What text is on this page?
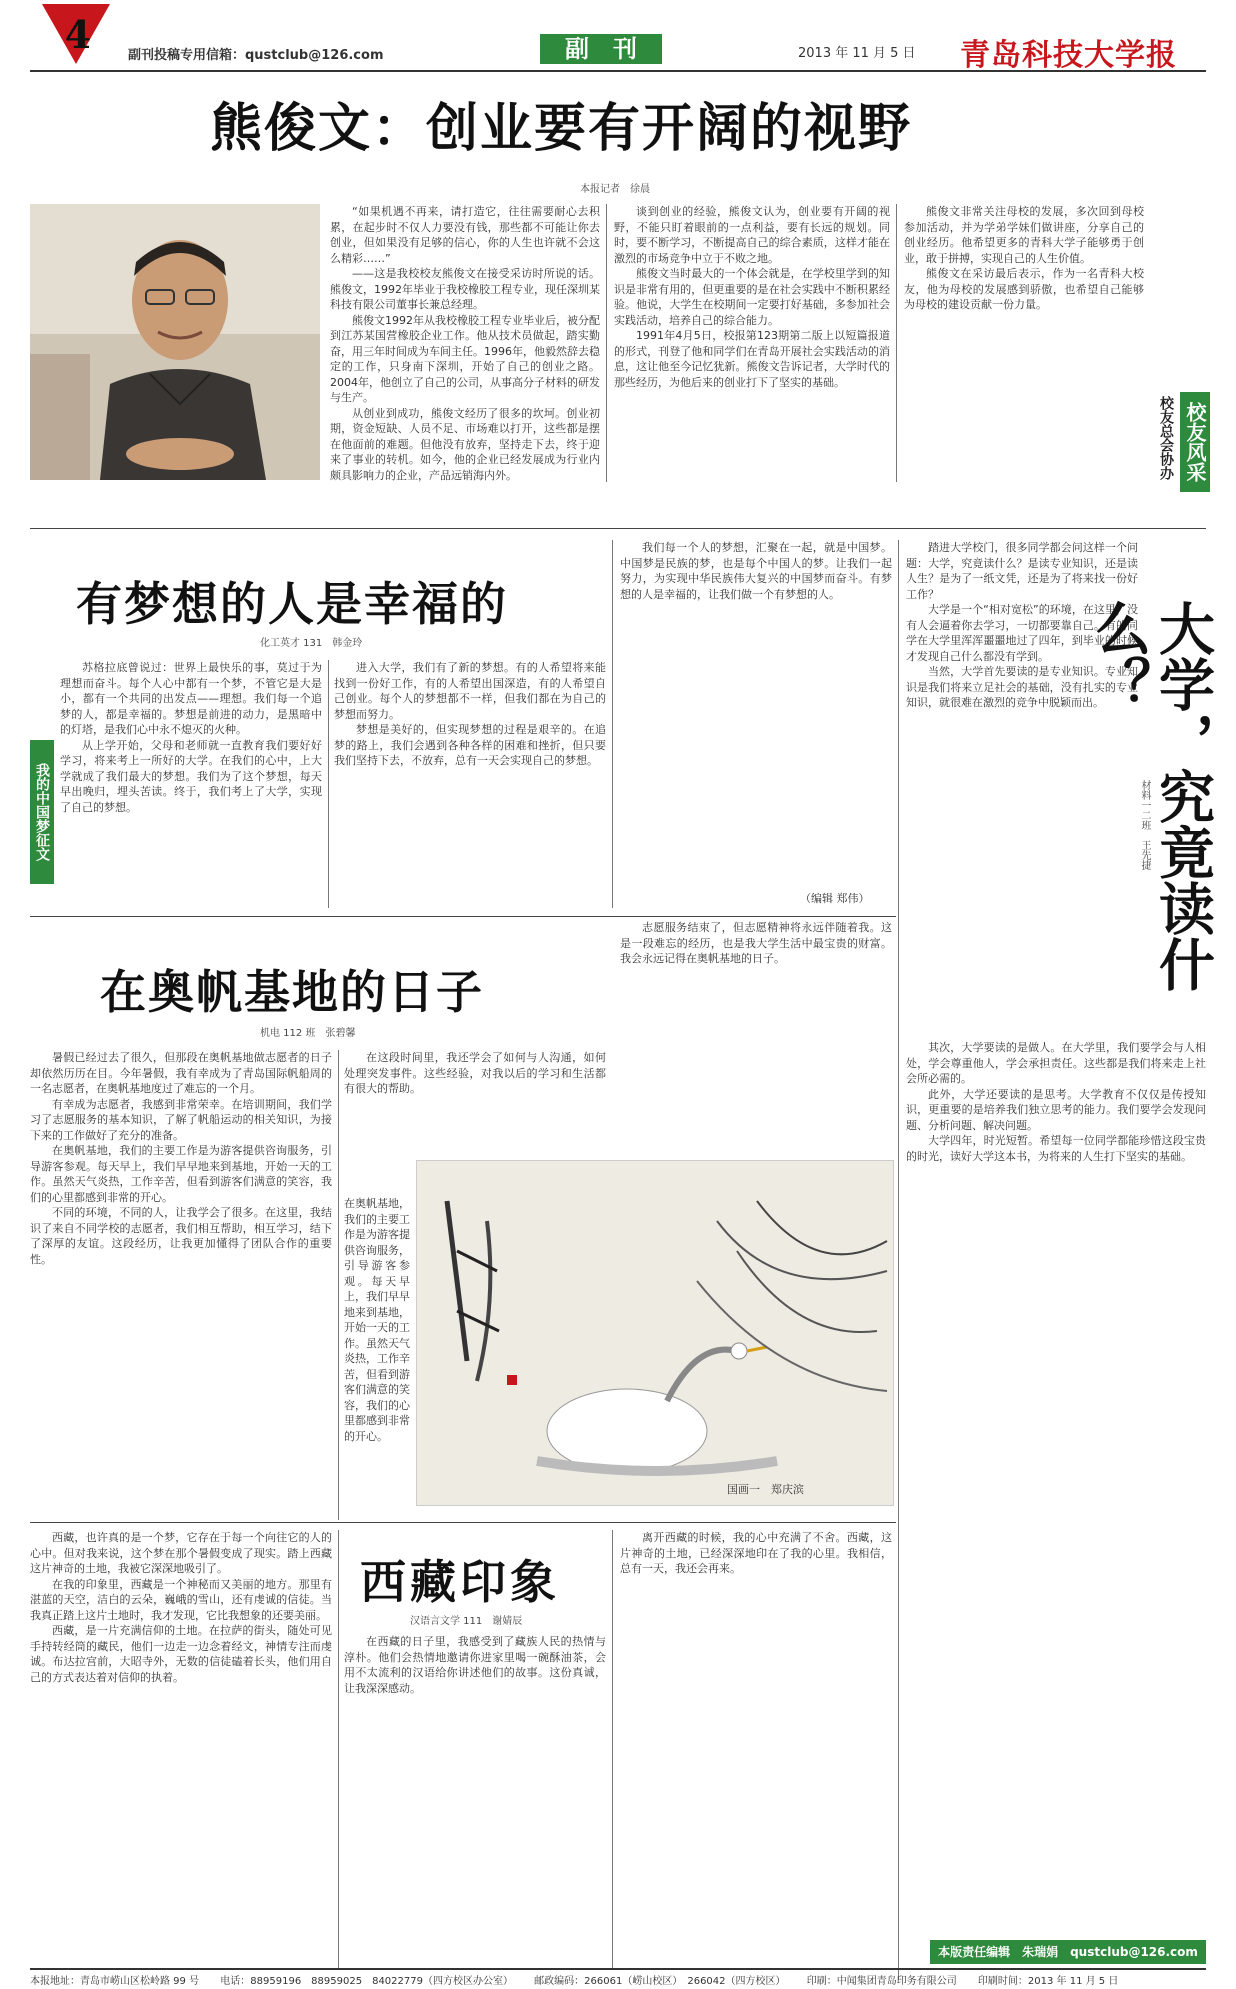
4	副刊投稿专用信箱：qustclub@126.com	副　刊	2013 年 11 月 5 日 青岛科技大学报
熊俊文：创业要有开阔的视野
本报记者　徐晨

“如果机遇不再来，请打造它，往往需要耐心去积累，在起步时不仅人力要没有钱，那些都不可能让你去创业，但如果没有足够的信心，你的人生也许就不会这么精彩……”

——这是我校校友熊俊文在接受采访时所说的话。熊俊文，1992年毕业于我校橡胶工程专业，现任深圳某科技有限公司董事长兼总经理。

熊俊文1992年从我校橡胶工程专业毕业后，被分配到江苏某国营橡胶企业工作。他从技术员做起，踏实勤奋，用三年时间成为车间主任。1996年，他毅然辞去稳定的工作，只身南下深圳，开始了自己的创业之路。2004年，他创立了自己的公司，从事高分子材料的研发与生产。

从创业到成功，熊俊文经历了很多的坎坷。创业初期，资金短缺、人员不足、市场难以打开，这些都是摆在他面前的难题。但他没有放弃，坚持走下去，终于迎来了事业的转机。如今，他的企业已经发展成为行业内颇具影响力的企业，产品远销海内外。

谈到创业的经验，熊俊文认为，创业要有开阔的视野，不能只盯着眼前的一点利益，要有长远的规划。同时，要不断学习，不断提高自己的综合素质，这样才能在激烈的市场竞争中立于不败之地。

熊俊文当时最大的一个体会就是，在学校里学到的知识是非常有用的，但更重要的是在社会实践中不断积累经验。他说，大学生在校期间一定要打好基础，多参加社会实践活动，培养自己的综合能力。

1991年4月5日，校报第123期第二版上以短篇报道的形式，刊登了他和同学们在青岛开展社会实践活动的消息，这让他至今记忆犹新。熊俊文告诉记者，大学时代的那些经历，为他后来的创业打下了坚实的基础。

熊俊文非常关注母校的发展，多次回到母校参加活动，并为学弟学妹们做讲座，分享自己的创业经历。他希望更多的青科大学子能够勇于创业，敢于拼搏，实现自己的人生价值。

熊俊文在采访最后表示，作为一名青科大校友，他为母校的发展感到骄傲，也希望自己能够为母校的建设贡献一份力量。

校友风采
校友总会协办
有梦想的人是幸福的
化工英才 131　韩金玲
我的中国梦征文

苏格拉底曾说过：世界上最快乐的事，莫过于为理想而奋斗。每个人心中都有一个梦，不管它是大是小，都有一个共同的出发点——理想。我们每一个追梦的人，都是幸福的。梦想是前进的动力，是黑暗中的灯塔，是我们心中永不熄灭的火种。

从上学开始，父母和老师就一直教育我们要好好学习，将来考上一所好的大学。在我们的心中，上大学就成了我们最大的梦想。我们为了这个梦想，每天早出晚归，埋头苦读。终于，我们考上了大学，实现了自己的梦想。

进入大学，我们有了新的梦想。有的人希望将来能找到一份好工作，有的人希望出国深造，有的人希望自己创业。每个人的梦想都不一样，但我们都在为自己的梦想而努力。

梦想是美好的，但实现梦想的过程是艰辛的。在追梦的路上，我们会遇到各种各样的困难和挫折，但只要我们坚持下去，不放弃，总有一天会实现自己的梦想。

我们每一个人的梦想，汇聚在一起，就是中国梦。中国梦是民族的梦，也是每个中国人的梦。让我们一起努力，为实现中华民族伟大复兴的中国梦而奋斗。有梦想的人是幸福的，让我们做一个有梦想的人。

（编辑 郑伟）

踏进大学校门，很多同学都会问这样一个问题：大学，究竟读什么？是读专业知识，还是读人生？是为了一纸文凭，还是为了将来找一份好工作？

大学是一个“相对宽松”的环境，在这里，没有人会逼着你去学习，一切都要靠自己。有的同学在大学里浑浑噩噩地过了四年，到毕业的时候才发现自己什么都没有学到。

当然，大学首先要读的是专业知识。专业知识是我们将来立足社会的基础，没有扎实的专业知识，就很难在激烈的竞争中脱颖而出。 大学，究竟读什么？
材料一二班　王先捷

其次，大学要读的是做人。在大学里，我们要学会与人相处，学会尊重他人，学会承担责任。这些都是我们将来走上社会所必需的。

此外，大学还要读的是思考。大学教育不仅仅是传授知识，更重要的是培养我们独立思考的能力。我们要学会发现问题、分析问题、解决问题。

大学四年，时光短暂。希望每一位同学都能珍惜这段宝贵的时光，读好大学这本书，为将来的人生打下坚实的基础。

在奥帆基地的日子
机电 112 班　张碧馨

暑假已经过去了很久，但那段在奥帆基地做志愿者的日子却依然历历在目。今年暑假，我有幸成为了青岛国际帆船周的一名志愿者，在奥帆基地度过了难忘的一个月。

有幸成为志愿者，我感到非常荣幸。在培训期间，我们学习了志愿服务的基本知识，了解了帆船运动的相关知识，为接下来的工作做好了充分的准备。

在奥帆基地，我们的主要工作是为游客提供咨询服务，引导游客参观。每天早上，我们早早地来到基地，开始一天的工作。虽然天气炎热，工作辛苦，但看到游客们满意的笑容，我们的心里都感到非常的开心。

不同的环境，不同的人，让我学会了很多。在这里，我结识了来自不同学校的志愿者，我们相互帮助，相互学习，结下了深厚的友谊。这段经历，让我更加懂得了团队合作的重要性。

在这段时间里，我还学会了如何与人沟通，如何处理突发事件。这些经验，对我以后的学习和生活都有很大的帮助。

志愿服务结束了，但志愿精神将永远伴随着我。这是一段难忘的经历，也是我大学生活中最宝贵的财富。我会永远记得在奥帆基地的日子。

国画一　郑庆滨

在奥帆基地，我们的主要工作是为游客提供咨询服务，引导游客参观。每天早上，我们早早地来到基地，开始一天的工作。虽然天气炎热，工作辛苦，但看到游客们满意的笑容，我们的心里都感到非常的开心。

西藏，也许真的是一个梦，它存在于每一个向往它的人的心中。但对我来说，这个梦在那个暑假变成了现实。踏上西藏这片神奇的土地，我被它深深地吸引了。

在我的印象里，西藏是一个神秘而又美丽的地方。那里有湛蓝的天空，洁白的云朵，巍峨的雪山，还有虔诚的信徒。当我真正踏上这片土地时，我才发现，它比我想象的还要美丽。

西藏，是一片充满信仰的土地。在拉萨的街头，随处可见手持转经筒的藏民，他们一边走一边念着经文，神情专注而虔诚。布达拉宫前，大昭寺外，无数的信徒磕着长头，他们用自己的方式表达着对信仰的执着。

西藏印象
汉语言文学 111　谢婧辰

在西藏的日子里，我感受到了藏族人民的热情与淳朴。他们会热情地邀请你进家里喝一碗酥油茶，会用不太流利的汉语给你讲述他们的故事。这份真诚，让我深深感动。

离开西藏的时候，我的心中充满了不舍。西藏，这片神奇的土地，已经深深地印在了我的心里。我相信，总有一天，我还会再来。

本版责任编辑　朱瑞娟　qustclub@126.com
本报地址：青岛市崂山区松岭路 99 号 电话：88959196　88959025　84022779（四方校区办公室） 邮政编码：266061（崂山校区）　266042（四方校区） 印刷：中闻集团青岛印务有限公司 印刷时间：2013 年 11 月 5 日
